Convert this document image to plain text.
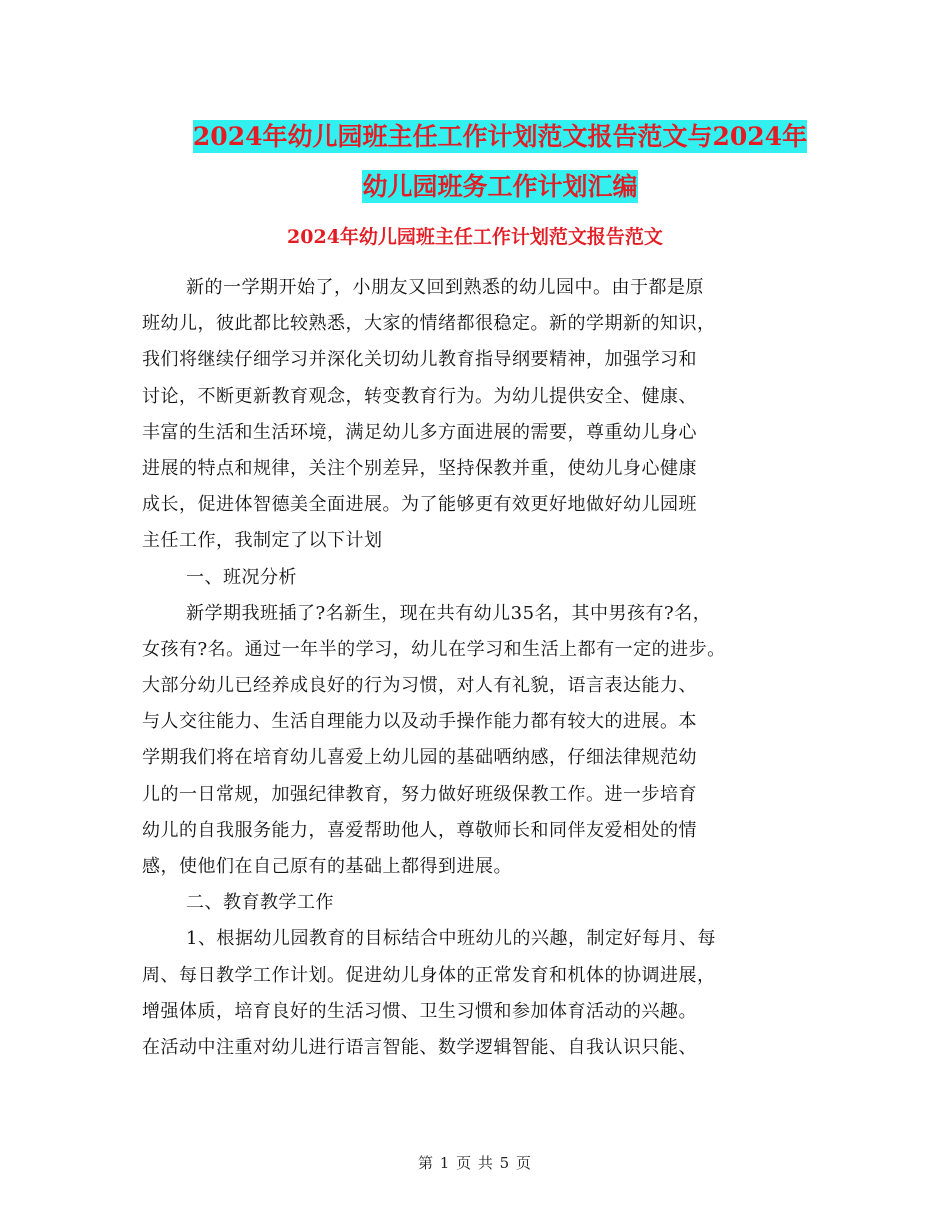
2024年幼儿园班主任工作计划范文报告范文与2024年
幼儿园班务工作计划汇编
2024年幼儿园班主任工作计划范文报告范文
新的一学期开始了，小朋友又回到熟悉的幼儿园中。由于都是原
班幼儿，彼此都比较熟悉，大家的情绪都很稳定。新的学期新的知识，
我们将继续仔细学习并深化关切幼儿教育指导纲要精神，加强学习和
讨论，不断更新教育观念，转变教育行为。为幼儿提供安全、健康、
丰富的生活和生活环境，满足幼儿多方面进展的需要，尊重幼儿身心
进展的特点和规律，关注个别差异，坚持保教并重，使幼儿身心健康
成长，促进体智德美全面进展。为了能够更有效更好地做好幼儿园班
主任工作，我制定了以下计划
一、班况分析
新学期我班插了?名新生，现在共有幼儿35名，其中男孩有?名，
女孩有?名。通过一年半的学习，幼儿在学习和生活上都有一定的进步。
大部分幼儿已经养成良好的行为习惯，对人有礼貌，语言表达能力、
与人交往能力、生活自理能力以及动手操作能力都有较大的进展。本
学期我们将在培育幼儿喜爱上幼儿园的基础哂纳感，仔细法律规范幼
儿的一日常规，加强纪律教育，努力做好班级保教工作。进一步培育
幼儿的自我服务能力，喜爱帮助他人，尊敬师长和同伴友爱相处的情
感，使他们在自己原有的基础上都得到进展。
二、教育教学工作
1、根据幼儿园教育的目标结合中班幼儿的兴趣，制定好每月、每
周、每日教学工作计划。促进幼儿身体的正常发育和机体的协调进展，
增强体质，培育良好的生活习惯、卫生习惯和参加体育活动的兴趣。
在活动中注重对幼儿进行语言智能、数学逻辑智能、自我认识只能、
第 1 页 共 5 页
